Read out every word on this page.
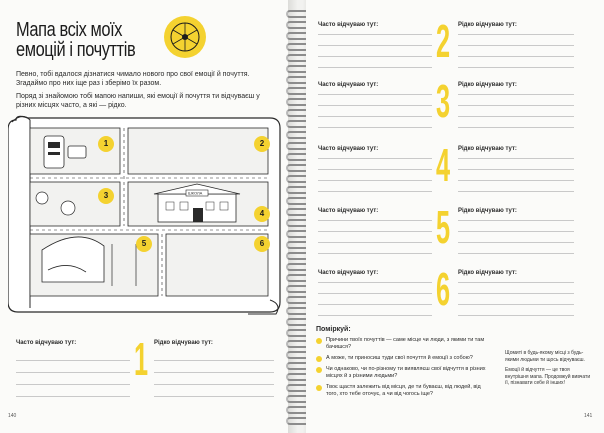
Мапа всіх моїх
емоцій і почуттів

Певно, тобі вдалося дізнатися чимало нового про свої емоції й почуття. Згадаймо про них іще раз і зберімо їх разом.

Поряд зі знайомою тобі мапою напиши, які емоції й почуття ти відчуваєш у різних місцях часто, а які — рідко.

ШКОЛА
1	2
3
4
5	6
Часто відчуваю тут:	Рідко відчуваю тут:
1
140
Часто відчуваю тут:	Рідко відчуваю тут:
2
Часто відчуваю тут:	Рідко відчуваю тут:
3
Часто відчуваю тут:	Рідко відчуваю тут:
4
Часто відчуваю тут:	Рідко відчуваю тут:
5
Часто відчуваю тут:	Рідко відчуваю тут:
6
Поміркуй:
Причини твоїх почуттів — саме місце чи люди, з якими ти там бачишся?
А може, ти приносиш туди свої почуття й емоції з собою?
Чи однаково, чи по-різному ти виявляєш свої відчуття в різних місцях й з різними людьми?
Твоє щастя залежить від місця, де ти буваєш, від людей, від того, хто тебе оточує, а чи від чогось іще?

Щомиті в будь-якому місці з будь-якими людьми ти щось відчуваєш.

Емоції й відчуття — це твоя внутрішня мапа. Продовжуй вивчати її, пізнавати себе й інших!

141
